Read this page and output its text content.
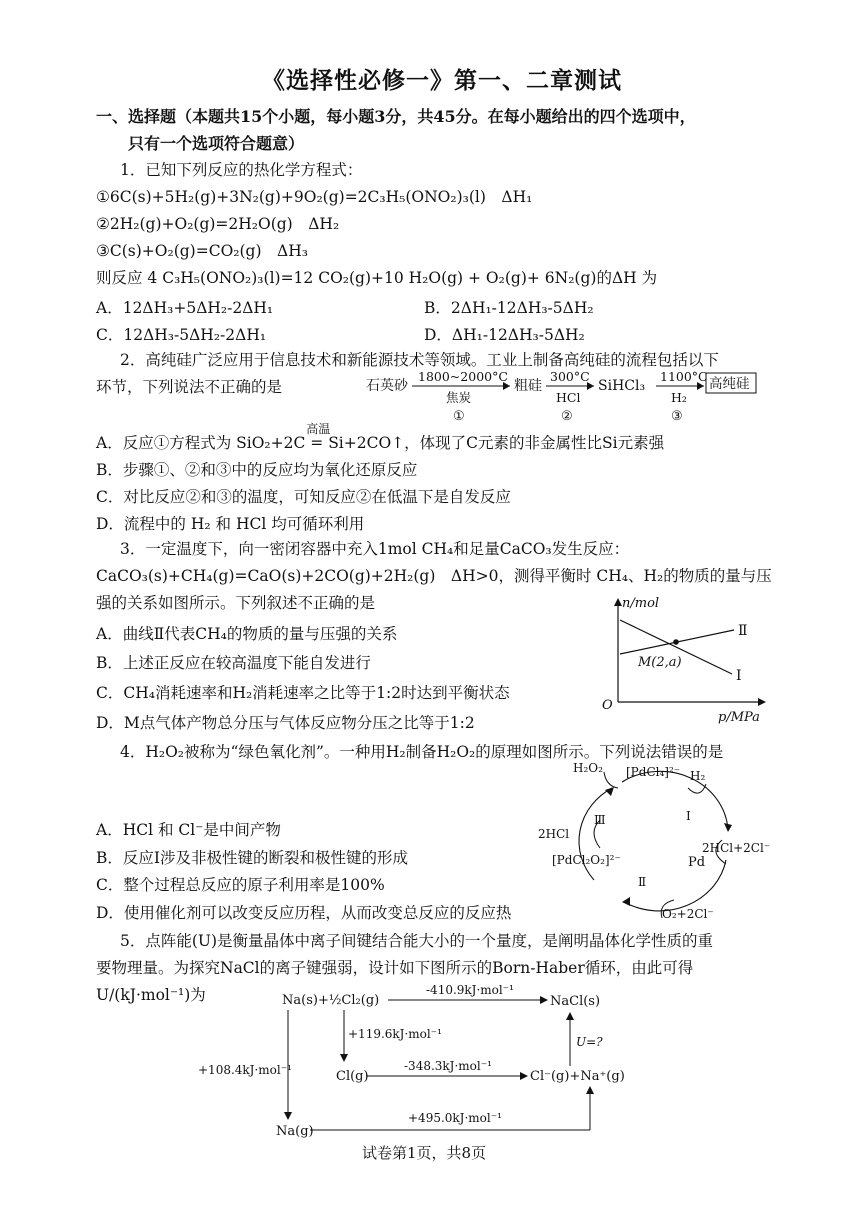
《选择性必修一》第一、二章测试
一、选择题（本题共15个小题，每小题3分，共45分。在每小题给出的四个选项中，
只有一个选项符合题意）
1．已知下列反应的热化学方程式：
①6C(s)+5H₂(g)+3N₂(g)+9O₂(g)=2C₃H₅(ONO₂)₃(l)　ΔH₁
②2H₂(g)+O₂(g)=2H₂O(g)　ΔH₂
③C(s)+O₂(g)=CO₂(g)　ΔH₃
则反应 4 C₃H₅(ONO₂)₃(l)=12 CO₂(g)+10 H₂O(g) + O₂(g)+ 6N₂(g)的ΔH 为
A．12ΔH₃+5ΔH₂-2ΔH₁	B．2ΔH₁-12ΔH₃-5ΔH₂
C．12ΔH₃-5ΔH₂-2ΔH₁	D．ΔH₁-12ΔH₃-5ΔH₂
2．高纯硅广泛应用于信息技术和新能源技术等领域。工业上制备高纯硅的流程包括以下
环节，下列说法不正确的是	石英砂
1800~2000°C
焦炭
①
粗硅
300°C
HCl
②
SiHCl₃
1100°C
H₂
③
高纯硅
A．反应①方程式为 SiO₂+2C
高温
= Si+2CO↑，体现了C元素的非金属性比Si元素强
B．步骤①、②和③中的反应均为氧化还原反应
C．对比反应②和③的温度，可知反应②在低温下是自发反应
D．流程中的 H₂ 和 HCl 均可循环利用
3．一定温度下，向一密闭容器中充入1mol CH₄和足量CaCO₃发生反应：
CaCO₃(s)+CH₄(g)=CaO(s)+2CO(g)+2H₂(g)　ΔH>0，测得平衡时 CH₄、H₂的物质的量与压
强的关系如图所示。下列叙述不正确的是
A．曲线Ⅱ代表CH₄的物质的量与压强的关系
B．上述正反应在较高温度下能自发进行
C．CH₄消耗速率和H₂消耗速率之比等于1:2时达到平衡状态
D．M点气体产物总分压与气体反应物分压之比等于1:2
n/mol
p/MPa
O
Ⅱ
Ⅰ
M(2,a)
4．H₂O₂被称为“绿色氧化剂”。一种用H₂制备H₂O₂的原理如图所示。下列说法错误的是
A．HCl 和 Cl⁻是中间产物
B．反应Ⅰ涉及非极性键的断裂和极性键的形成
C．整个过程总反应的原子利用率是100%
D．使用催化剂可以改变反应历程，从而改变总反应的反应热
H₂O₂ [PdCl₄]²⁻ H₂
Ⅰ
2HCl+2Cl⁻
Pd
Ⅱ
O₂+2Cl⁻
[PdCl₂O₂]²⁻
Ⅲ
2HCl
5．点阵能(U)是衡量晶体中离子间键结合能大小的一个量度，是阐明晶体化学性质的重
要物理量。为探究NaCl的离子键强弱，设计如下图所示的Born-Haber循环，由此可得
U/(kJ·mol⁻¹)为	Na(s)+½Cl₂(g)
-410.9kJ·mol⁻¹
NaCl(s)
+119.6kJ·mol⁻¹
+108.4kJ·mol⁻¹	Cl(g)
-348.3kJ·mol⁻¹
Cl⁻(g)+Na⁺(g)
U=?
Na(g)
+495.0kJ·mol⁻¹
试卷第1页，共8页
